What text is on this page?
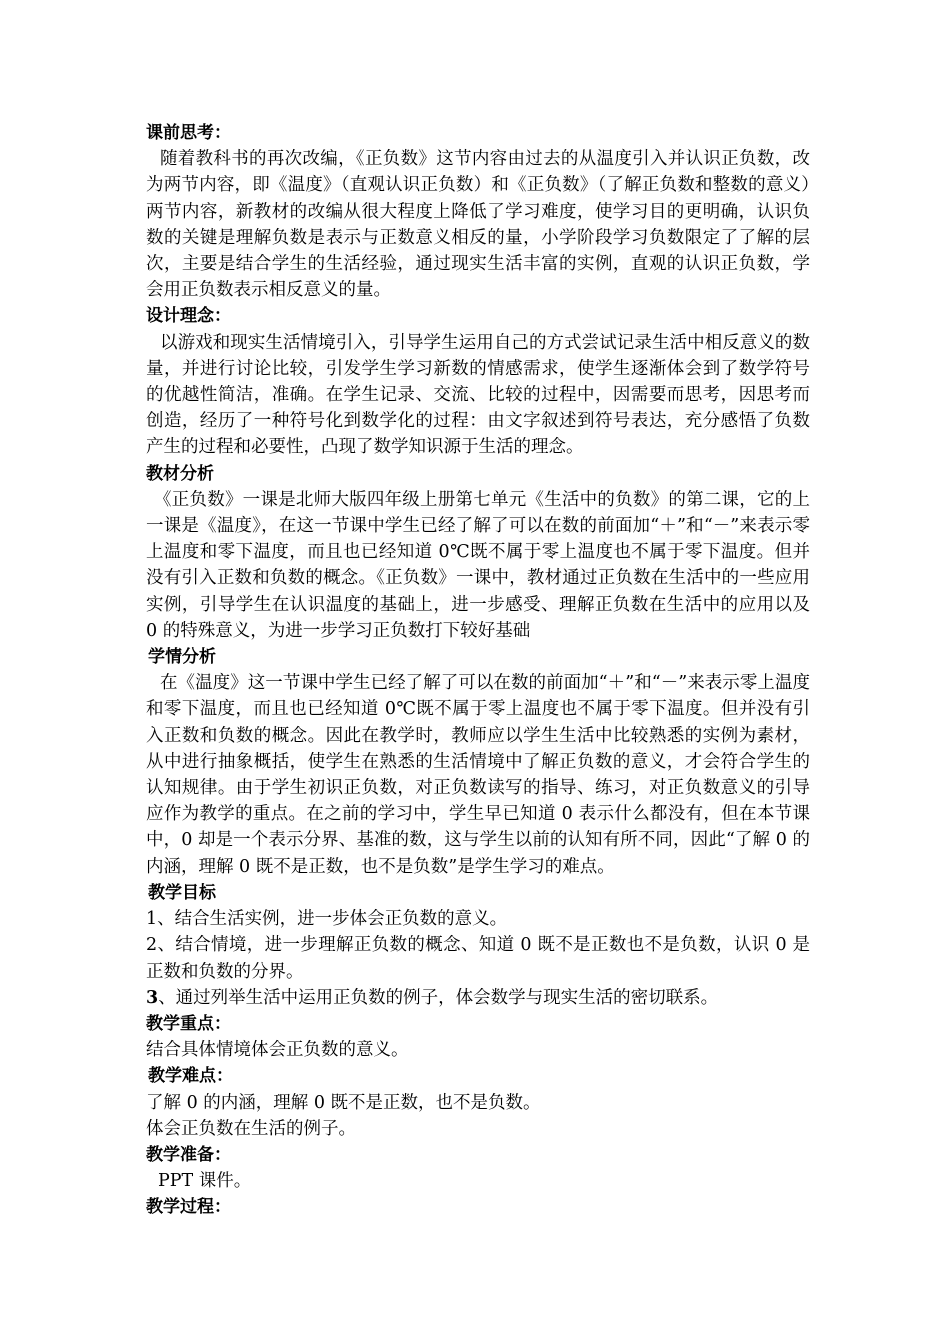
课前思考：

随着教科书的再次改编，《正负数》这节内容由过去的从温度引入并认识正负数，改为两节内容，即《温度》（直观认识正负数）和《正负数》（了解正负数和整数的意义）两节内容，新教材的改编从很大程度上降低了学习难度，使学习目的更明确，认识负数的关键是理解负数是表示与正数意义相反的量，小学阶段学习负数限定了了解的层次，主要是结合学生的生活经验，通过现实生活丰富的实例，直观的认识正负数，学会用正负数表示相反意义的量。

设计理念：

以游戏和现实生活情境引入，引导学生运用自己的方式尝试记录生活中相反意义的数量，并进行讨论比较，引发学生学习新数的情感需求，使学生逐渐体会到了数学符号的优越性简洁，准确。在学生记录、交流、比较的过程中，因需要而思考，因思考而创造，经历了一种符号化到数学化的过程：由文字叙述到符号表达，充分感悟了负数产生的过程和必要性，凸现了数学知识源于生活的理念。

教材分析

《正负数》一课是北师大版四年级上册第七单元《生活中的负数》的第二课，它的上一课是《温度》，在这一节课中学生已经了解了可以在数的前面加“＋”和“－”来表示零上温度和零下温度，而且也已经知道 0℃既不属于零上温度也不属于零下温度。但并没有引入正数和负数的概念。《正负数》一课中，教材通过正负数在生活中的一些应用实例，引导学生在认识温度的基础上，进一步感受、理解正负数在生活中的应用以及 0 的特殊意义，为进一步学习正负数打下较好基础

学情分析

在《温度》这一节课中学生已经了解了可以在数的前面加“＋”和“－”来表示零上温度和零下温度，而且也已经知道 0℃既不属于零上温度也不属于零下温度。但并没有引入正数和负数的概念。因此在教学时，教师应以学生生活中比较熟悉的实例为素材，从中进行抽象概括，使学生在熟悉的生活情境中了解正负数的意义，才会符合学生的认知规律。由于学生初识正负数，对正负数读写的指导、练习，对正负数意义的引导应作为教学的重点。在之前的学习中，学生早已知道 0 表示什么都没有，但在本节课中，0 却是一个表示分界、基准的数，这与学生以前的认知有所不同，因此“了解 0 的内涵，理解 0 既不是正数，也不是负数”是学生学习的难点。

教学目标

1、结合生活实例，进一步体会正负数的意义。

2、结合情境，进一步理解正负数的概念、知道 0 既不是正数也不是负数，认识 0 是正数和负数的分界。

3、通过列举生活中运用正负数的例子，体会数学与现实生活的密切联系。

教学重点：

结合具体情境体会正负数的意义。

教学难点：

了解 0 的内涵，理解 0 既不是正数，也不是负数。

体会正负数在生活的例子。

教学准备：

PPT 课件。

教学过程：
